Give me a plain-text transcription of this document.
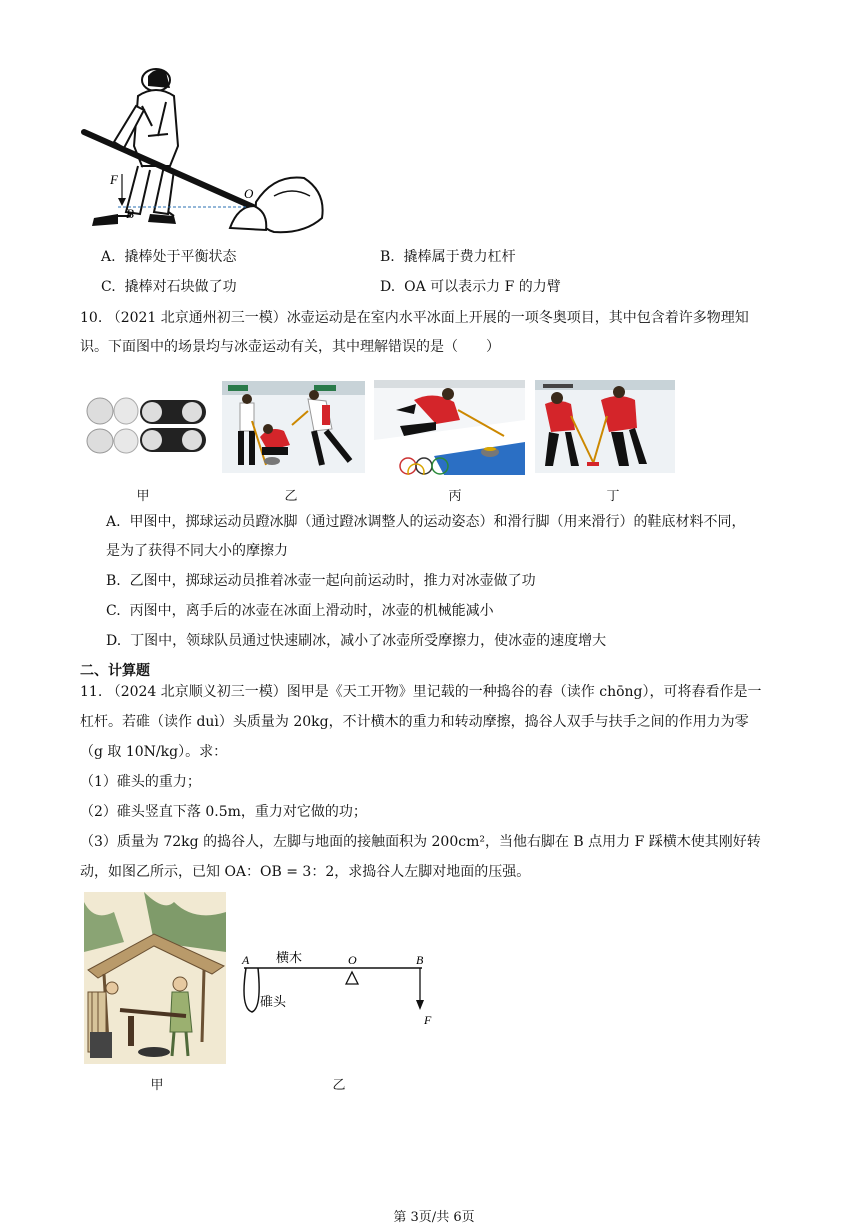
F
B
O
A. 撬棒处于平衡状态	B. 撬棒属于费力杠杆
C. 撬棒对石块做了功	D. OA 可以表示力 F 的力臂
10. （2021 北京通州初三一模）冰壶运动是在室内水平冰面上开展的一项冬奥项目，其中包含着许多物理知
识。下面图中的场景均与冰壶运动有关，其中理解错误的是（　　）
甲	乙	丙	丁
A. 甲图中，掷球运动员蹬冰脚（通过蹬冰调整人的运动姿态）和滑行脚（用来滑行）的鞋底材料不同，
是为了获得不同大小的摩擦力
B. 乙图中，掷球运动员推着冰壶一起向前运动时，推力对冰壶做了功
C. 丙图中，离手后的冰壶在冰面上滑动时，冰壶的机械能减小
D. 丁图中，领球队员通过快速刷冰，减小了冰壶所受摩擦力，使冰壶的速度增大
二、计算题
11. （2024 北京顺义初三一模）图甲是《天工开物》里记载的一种捣谷的舂（读作 chōng），可将舂看作是一
杠杆。若碓（读作 duì）头质量为 20kg，不计横木的重力和转动摩擦，捣谷人双手与扶手之间的作用力为零
（g 取 10N/kg）。求：
（1）碓头的重力；
（2）碓头竖直下落 0.5m，重力对它做的功；
（3）质量为 72kg 的捣谷人，左脚与地面的接触面积为 200cm²，当他右脚在 B 点用力 F 踩横木使其刚好转
动，如图乙所示，已知 OA：OB = 3：2，求捣谷人左脚对地面的压强。
A 横木	O	B
碓头
F
甲	乙
第 3页/共 6页
